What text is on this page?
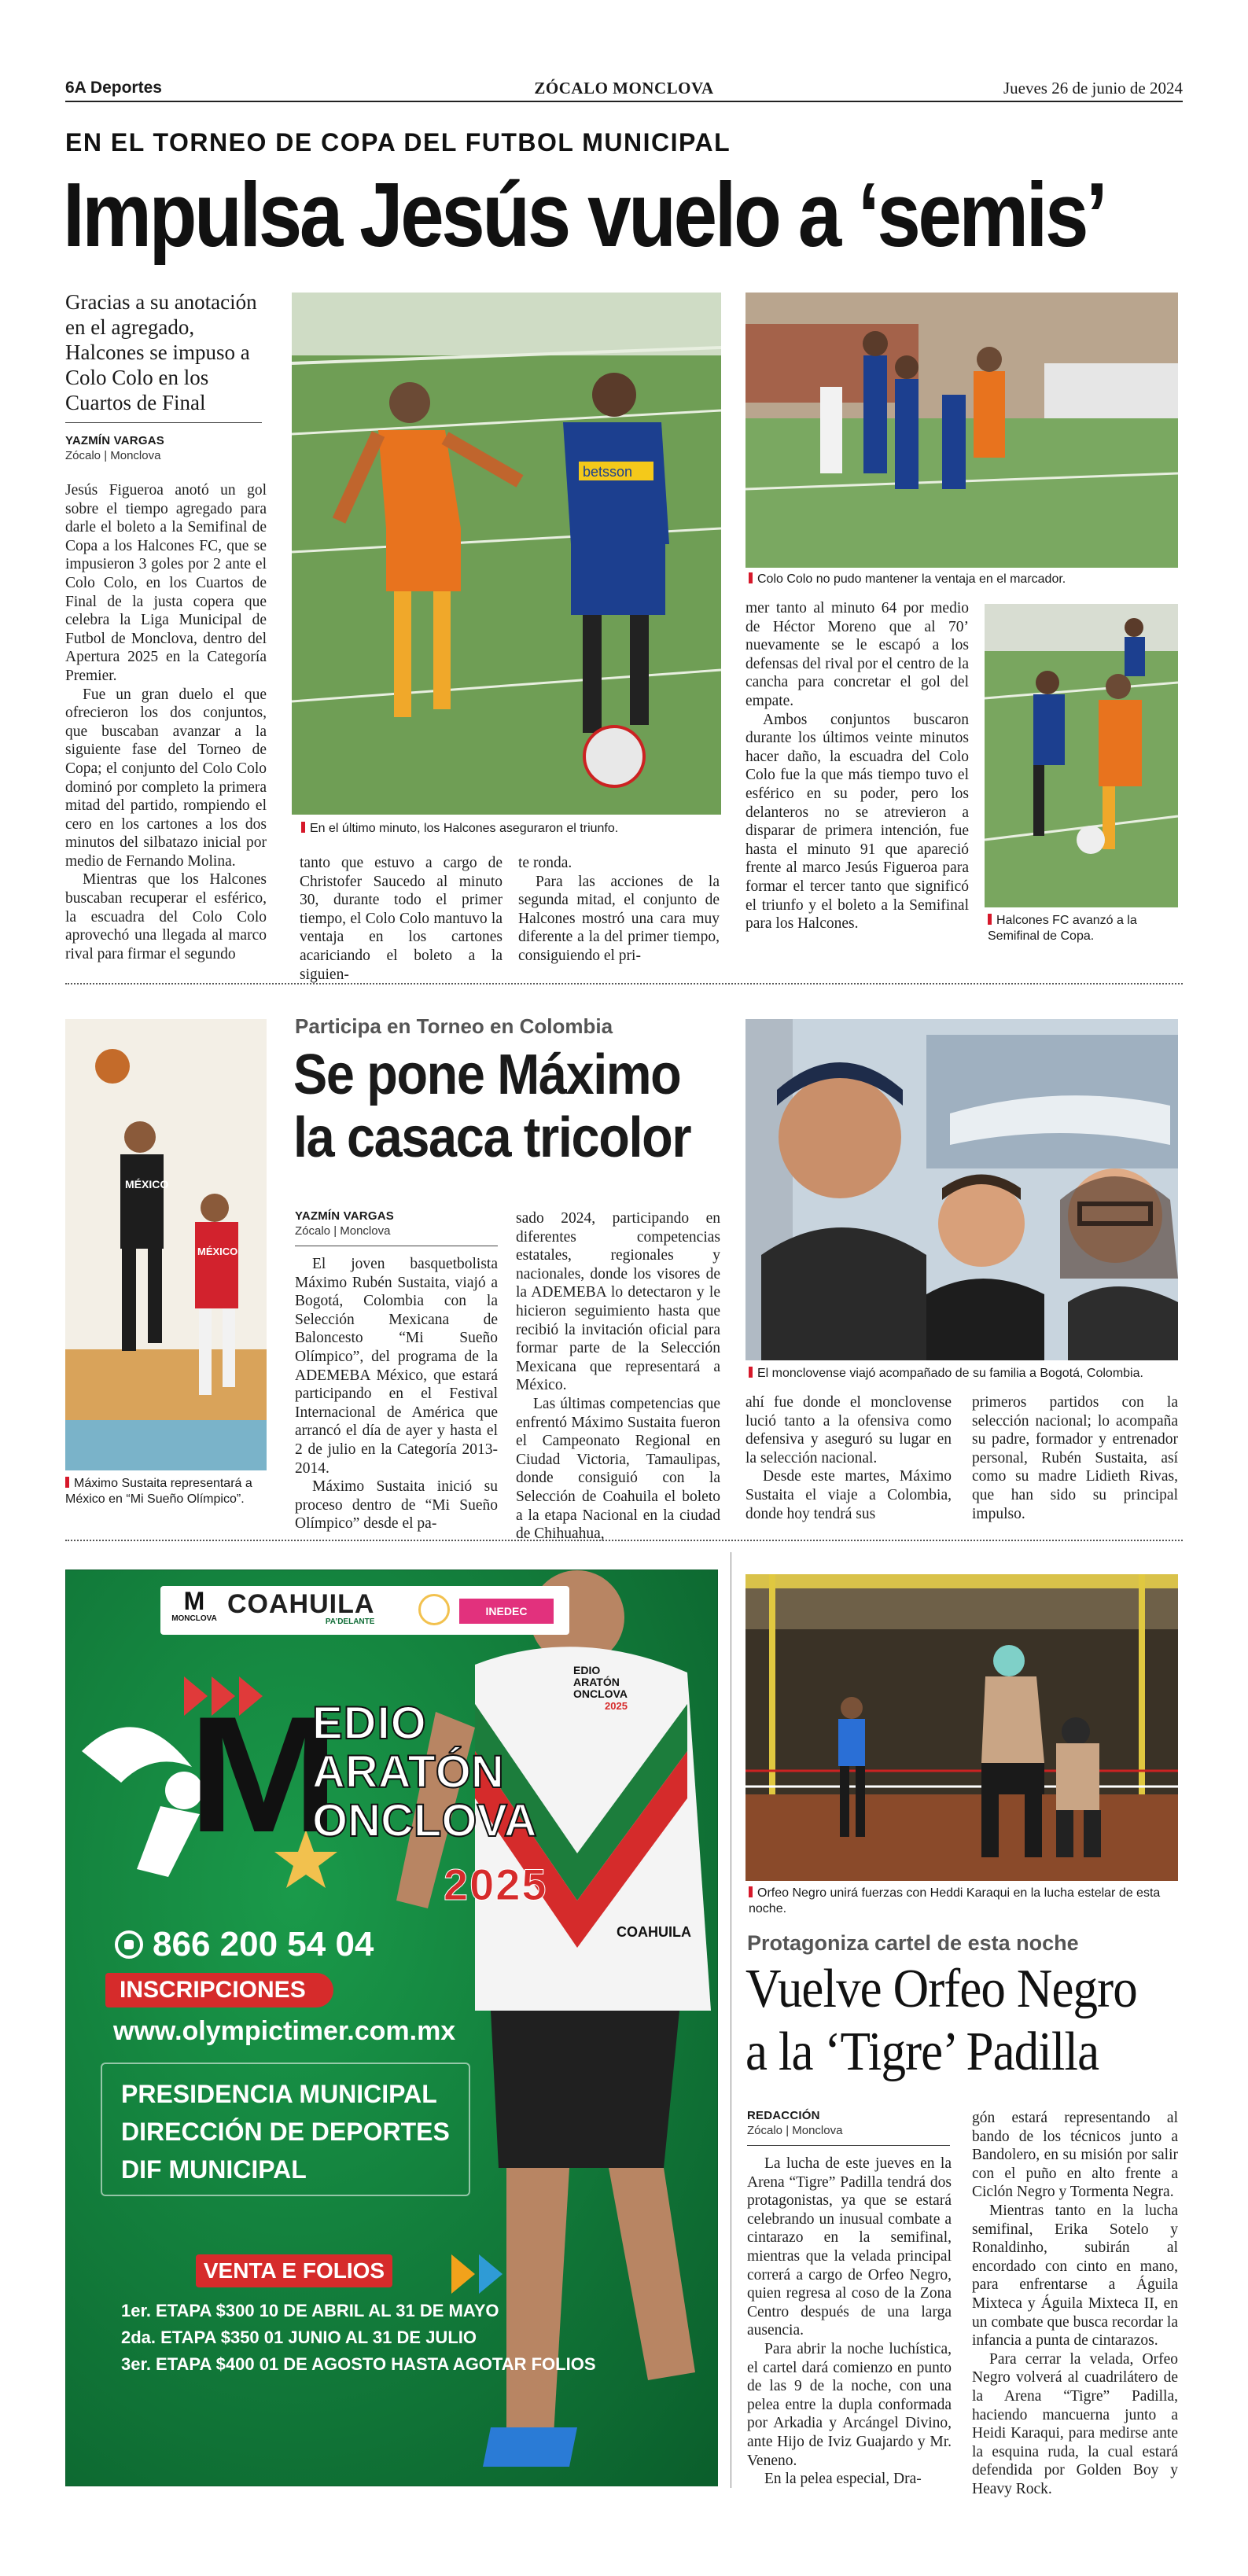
6A Deportes	ZÓCALO MONCLOVA	Jueves 26 de junio de 2024
EN EL TORNEO DE COPA DEL FUTBOL MUNICIPAL
Impulsa Jesús vuelo a ‘semis’
Gracias a su anotación en el agregado, Halcones se impuso a Colo Colo en los Cuartos de Final
YAZMÍN VARGAS
Zócalo | Monclova

Jesús Figueroa anotó un gol sobre el tiempo agregado para darle el boleto a la Semifinal de Copa a los Halcones FC, que se impusieron 3 goles por 2 ante el Colo Colo, en los Cuartos de Final de la justa copera que celebra la Liga Municipal de Futbol de Monclova, dentro del Apertura 2025 en la Categoría Premier.

Fue un gran duelo el que ofrecieron los dos conjuntos, que buscaban avanzar a la siguiente fase del Torneo de Copa; el conjunto del Colo Colo dominó por completo la primera mitad del partido, rompiendo el cero en los cartones a los dos minutos del silbatazo inicial por medio de Fernando Molina.

Mientras que los Halcones buscaban recuperar el esférico, la escuadra del Colo Colo aprovechó una llegada al marco rival para firmar el segundo

betsson
En el último minuto, los Halcones aseguraron el triunfo.

tanto que estuvo a cargo de Christofer Saucedo al minuto 30, durante todo el primer tiempo, el Colo Colo mantuvo la ventaja en los cartones acariciando el boleto a la siguien-

te ronda.

Para las acciones de la segunda mitad, el conjunto de Halcones mostró una cara muy diferente a la del primer tiempo, consiguiendo el pri-

Colo Colo no pudo mantener la ventaja en el marcador.

mer tanto al minuto 64 por medio de Héctor Moreno que al 70’ nuevamente se le escapó a los defensas del rival por el centro de la cancha para concretar el gol del empate.

Ambos conjuntos buscaron durante los últimos veinte minutos hacer daño, la escuadra del Colo Colo fue la que más tiempo tuvo el esférico en su poder, pero los delanteros no se atrevieron a disparar de primera intención, fue hasta el minuto 91 que apareció frente al marco Jesús Figueroa para formar el tercer tanto que significó el triunfo y el boleto a la Semifinal para los Halcones.	Halcones FC avanzó a la Semifinal de Copa.
MÉXICO
MÉXICO
Máximo Sustaita representará a México en “Mi Sueño Olímpico”.
Participa en Torneo en Colombia
Se pone Máximo
la casaca tricolor
YAZMÍN VARGAS
Zócalo | Monclova

El joven basquetbolista Máximo Rubén Sustaita, viajó a Bogotá, Colombia con la Selección Mexicana de Baloncesto “Mi Sueño Olímpico”, del programa de la ADEMEBA México, que estará participando en el Festival Internacional de América que arrancó el día de ayer y hasta el 2 de julio en la Categoría 2013-2014.

Máximo Sustaita inició su proceso dentro de “Mi Sueño Olímpico” desde el pa-

sado 2024, participando en diferentes competencias estatales, regionales y nacionales, donde los visores de la ADEMEBA lo detectaron y le hicieron seguimiento hasta que recibió la invitación oficial para formar parte de la Selección Mexicana que representará a México.

Las últimas competencias que enfrentó Máximo Sustaita fueron el Campeonato Regional en Ciudad Victoria, Tamaulipas, donde consiguió con la Selección de Coahuila el boleto a la etapa Nacional en la ciudad de Chihuahua,

El monclovense viajó acompañado de su familia a Bogotá, Colombia.

ahí fue donde el monclovense lució tanto a la ofensiva como defensiva y aseguró su lugar en la selección nacional.

Desde este martes, Máximo Sustaita el viaje a Colombia, donde hoy tendrá sus

primeros partidos con la selección nacional; lo acompaña su padre, formador y entrenador personal, Rubén Sustaita, así como su madre Lidieth Rivas, que han sido su principal impulso.

M
MONCLOVA COAHUILA
PA’DELANTE
INEDEC
M
EDIO
ARATÓN
ONCLOVA
2025
EDIO
ARATÓN
ONCLOVA
2025
COAHUILA
866 200 54 04
INSCRIPCIONES
www.olympictimer.com.mx
PRESIDENCIA MUNICIPAL
DIRECCIÓN DE DEPORTES
DIF MUNICIPAL
VENTA E FOLIOS
1er. ETAPA $300 10 DE ABRIL AL 31 DE MAYO
2da. ETAPA $350 01 JUNIO AL 31 DE JULIO
3er. ETAPA $400 01 DE AGOSTO HASTA AGOTAR FOLIOS
Orfeo Negro unirá fuerzas con Heddi Karaqui en la lucha estelar de esta noche.
Protagoniza cartel de esta noche
Vuelve Orfeo Negro
a la ‘Tigre’ Padilla
REDACCIÓN
Zócalo | Monclova

La lucha de este jueves en la Arena “Tigre” Padilla tendrá dos protagonistas, ya que se estará celebrando un inusual combate a cintarazo en la semifinal, mientras que la velada principal correrá a cargo de Orfeo Negro, quien regresa al coso de la Zona Centro después de una larga ausencia.

Para abrir la noche luchística, el cartel dará comienzo en punto de las 9 de la noche, con una pelea entre la dupla conformada por Arkadia y Arcángel Divino, ante Hijo de Iviz Guajardo y Mr. Veneno.

En la pelea especial, Dra-

gón estará representando al bando de los técnicos junto a Bandolero, en su misión por salir con el puño en alto frente a Ciclón Negro y Tormenta Negra.

Mientras tanto en la lucha semifinal, Erika Sotelo y Ronaldinho, subirán al encordado con cinto en mano, para enfrentarse a Águila Mixteca y Águila Mixteca II, en un combate que busca recordar la infancia a punta de cintarazos.

Para cerrar la velada, Orfeo Negro volverá al cuadrilátero de la Arena “Tigre” Padilla, haciendo mancuerna junto a Heidi Karaqui, para medirse ante la esquina ruda, la cual estará defendida por Golden Boy y Heavy Rock.
